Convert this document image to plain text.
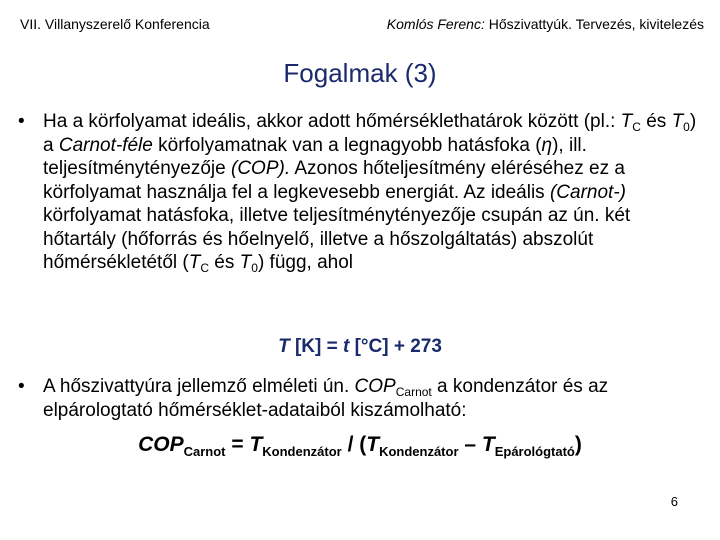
VII. Villanyszerelő Konferencia	Komlós Ferenc: Hőszivattyúk. Tervezés, kivitelezés
Fogalmak (3)
• Ha a körfolyamat ideális, akkor adott hőmérséklethatárok között (pl.: $T_C$ és $T_0$) a Carnot-féle körfolyamatnak van a legnagyobb hatásfoka (η), ill. teljesítménytényezője (COP). Azonos hőteljesítmény eléréséhez ez a körfolyamat használja fel a legkevesebb energiát. Az ideális (Carnot-) körfolyamat hatásfoka, illetve teljesítménytényezője csupán az ún. két hőtartály (hőforrás és hőelnyelő, illetve a hőszolgáltatás) abszolút hőmérsékletétől ($T_C$ és $T_0$) függ, ahol
T [K] = t [°C] + 273
• A hőszivattyúra jellemző elméleti ún. $COP_{Carnot}$ a kondenzátor és az elpárologtató hőmérséklet-adataiból kiszámolható:
$COP_{Carnot} = T_{Kondenzátor} / (T_{Kondenzátor} - T_{Epárológtató})$
6
